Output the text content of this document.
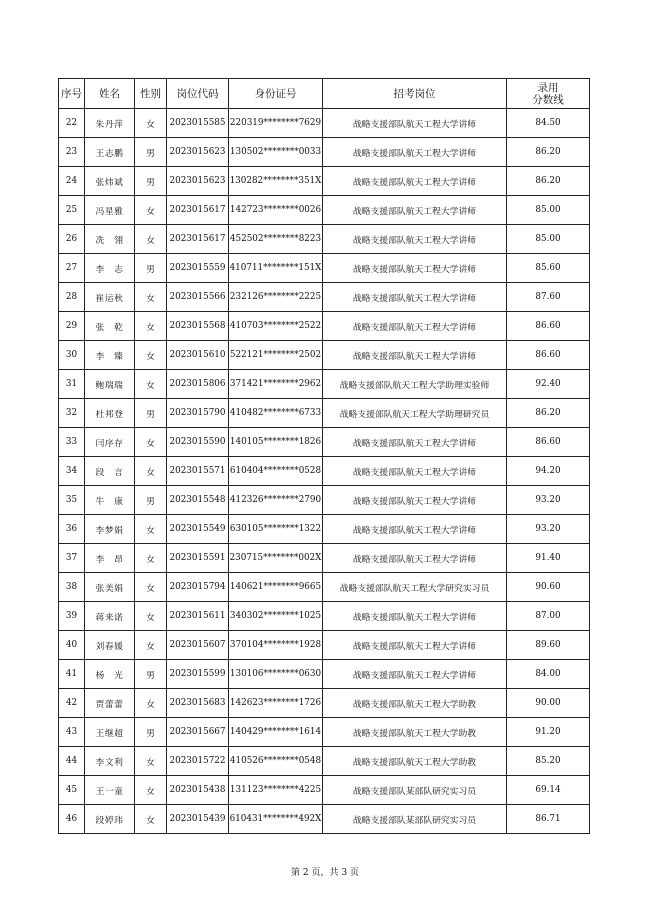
序号	姓名	性别	岗位代码	身份证号	招考岗位	录用
分数线

22	朱丹萍	女	2023015585	220319********7629	战略支援部队航天工程大学讲师	84.50
23	王志鹏	男	2023015623	130502********0033	战略支援部队航天工程大学讲师	86.20
24	张炜斌	男	2023015623	130282********351X	战略支援部队航天工程大学讲师	86.20
25	冯星雅	女	2023015617	142723********0026	战略支援部队航天工程大学讲师	85.00
26	冼　翎	女	2023015617	452502********8223	战略支援部队航天工程大学讲师	85.00
27	李　志	男	2023015559	410711********151X	战略支援部队航天工程大学讲师	85.60
28	崔运秋	女	2023015566	232126********2225	战略支援部队航天工程大学讲师	87.60
29	张　乾	女	2023015568	410703********2522	战略支援部队航天工程大学讲师	86.60
30	李　臻	女	2023015610	522121********2502	战略支援部队航天工程大学讲师	86.60
31	鲍瑞瑞	女	2023015806	371421********2962	战略支援部队航天工程大学助理实验师	92.40
32	杜邦登	男	2023015790	410482********6733	战略支援部队航天工程大学助理研究员	86.20
33	闫序存	女	2023015590	140105********1826	战略支援部队航天工程大学讲师	86.60
34	段　言	女	2023015571	610404********0528	战略支援部队航天工程大学讲师	94.20
35	牛　康	男	2023015548	412326********2790	战略支援部队航天工程大学讲师	93.20
36	李梦娟	女	2023015549	630105********1322	战略支援部队航天工程大学讲师	93.20
37	李　昂	女	2023015591	230715********002X	战略支援部队航天工程大学讲师	91.40
38	张美娟	女	2023015794	140621********9665	战略支援部队航天工程大学研究实习员	90.60
39	蒋来诺	女	2023015611	340302********1025	战略支援部队航天工程大学讲师	87.00
40	刘春媛	女	2023015607	370104********1928	战略支援部队航天工程大学讲师	89.60
41	杨　光	男	2023015599	130106********0630	战略支援部队航天工程大学讲师	84.00
42	贾蕾蕾	女	2023015683	142623********1726	战略支援部队航天工程大学助教	90.00
43	王继超	男	2023015667	140429********1614	战略支援部队航天工程大学助教	91.20
44	李文利	女	2023015722	410526********0548	战略支援部队航天工程大学助教	85.20
45	王一童	女	2023015438	131123********4225	战略支援部队某部队研究实习员	69.14
46	段婷玮	女	2023015439	610431********492X	战略支援部队某部队研究实习员	86.71
第 2 页，共 3 页
